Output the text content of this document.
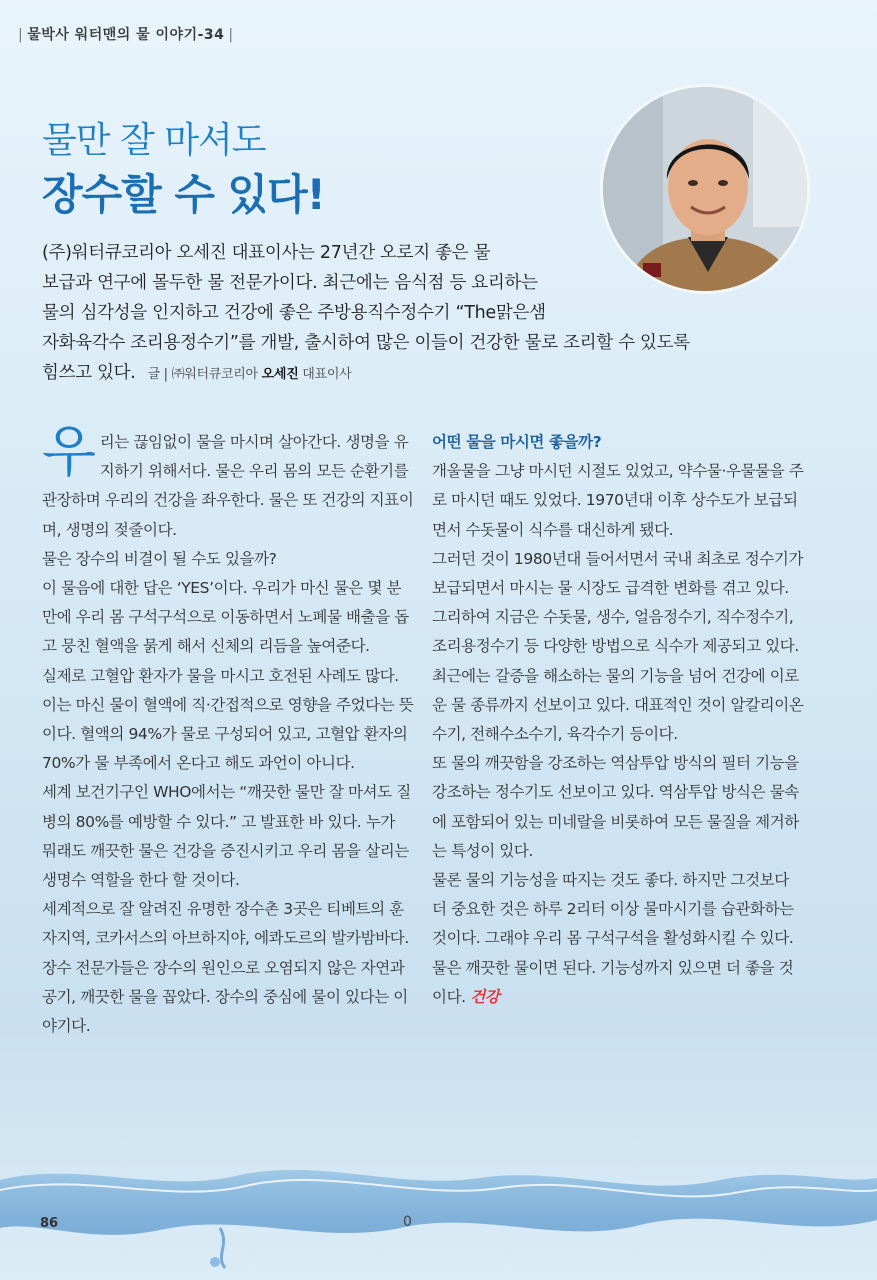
| 물박사 워터맨의 물 이야기-34 |
물만 잘 마셔도
장수할 수 있다!
(주)워터큐코리아 오세진 대표이사는 27년간 오로지 좋은 물
보급과 연구에 몰두한 물 전문가이다. 최근에는 음식점 등 요리하는
물의 심각성을 인지하고 건강에 좋은 주방용직수정수기 “The맑은샘
자화육각수 조리용정수기”를 개발, 출시하여 많은 이들이 건강한 물로 조리할 수 있도록
힘쓰고 있다. 글 | ㈜워터큐코리아 오세진 대표이사

우리는 끊임없이 물을 마시며 살아간다. 생명을 유지하기 위해서다. 물은 우리 몸의 모든 순환기를 관장하며 우리의 건강을 좌우한다. 물은 또 건강의 지표이며, 생명의 젖줄이다.

물은 장수의 비결이 될 수도 있을까?

이 물음에 대한 답은 ‘YES’이다. 우리가 마신 물은 몇 분 만에 우리 몸 구석구석으로 이동하면서 노폐물 배출을 돕고 뭉친 혈액을 묽게 해서 신체의 리듬을 높여준다.

실제로 고혈압 환자가 물을 마시고 호전된 사례도 많다. 이는 마신 물이 혈액에 직·간접적으로 영향을 주었다는 뜻이다. 혈액의 94%가 물로 구성되어 있고, 고혈압 환자의 70%가 물 부족에서 온다고 해도 과언이 아니다.

세계 보건기구인 WHO에서는 “깨끗한 물만 잘 마셔도 질병의 80%를 예방할 수 있다.” 고 발표한 바 있다. 누가 뭐래도 깨끗한 물은 건강을 증진시키고 우리 몸을 살리는 생명수 역할을 한다 할 것이다.

세계적으로 잘 알려진 유명한 장수촌 3곳은 티베트의 훈자지역, 코카서스의 아브하지야, 에콰도르의 발카밤바다. 장수 전문가들은 장수의 원인으로 오염되지 않은 자연과 공기, 깨끗한 물을 꼽았다. 장수의 중심에 물이 있다는 이야기다.

어떤 물을 마시면 좋을까?

개울물을 그냥 마시던 시절도 있었고, 약수물·우물물을 주로 마시던 때도 있었다. 1970년대 이후 상수도가 보급되면서 수돗물이 식수를 대신하게 됐다.

그러던 것이 1980년대 들어서면서 국내 최초로 정수기가 보급되면서 마시는 물 시장도 급격한 변화를 겪고 있다. 그리하여 지금은 수돗물, 생수, 얼음정수기, 직수정수기, 조리용정수기 등 다양한 방법으로 식수가 제공되고 있다.

최근에는 갈증을 해소하는 물의 기능을 넘어 건강에 이로운 물 종류까지 선보이고 있다. 대표적인 것이 알칼리이온수기, 전해수소수기, 육각수기 등이다.

또 물의 깨끗함을 강조하는 역삼투압 방식의 필터 기능을 강조하는 정수기도 선보이고 있다. 역삼투압 방식은 물속에 포함되어 있는 미네랄을 비롯하여 모든 물질을 제거하는 특성이 있다.

물론 물의 기능성을 따지는 것도 좋다. 하지만 그것보다 더 중요한 것은 하루 2리터 이상 물마시기를 습관화하는 것이다. 그래야 우리 몸 구석구석을 활성화시킬 수 있다. 물은 깨끗한 물이면 된다. 기능성까지 있으면 더 좋을 것이다. 건강

86	0
